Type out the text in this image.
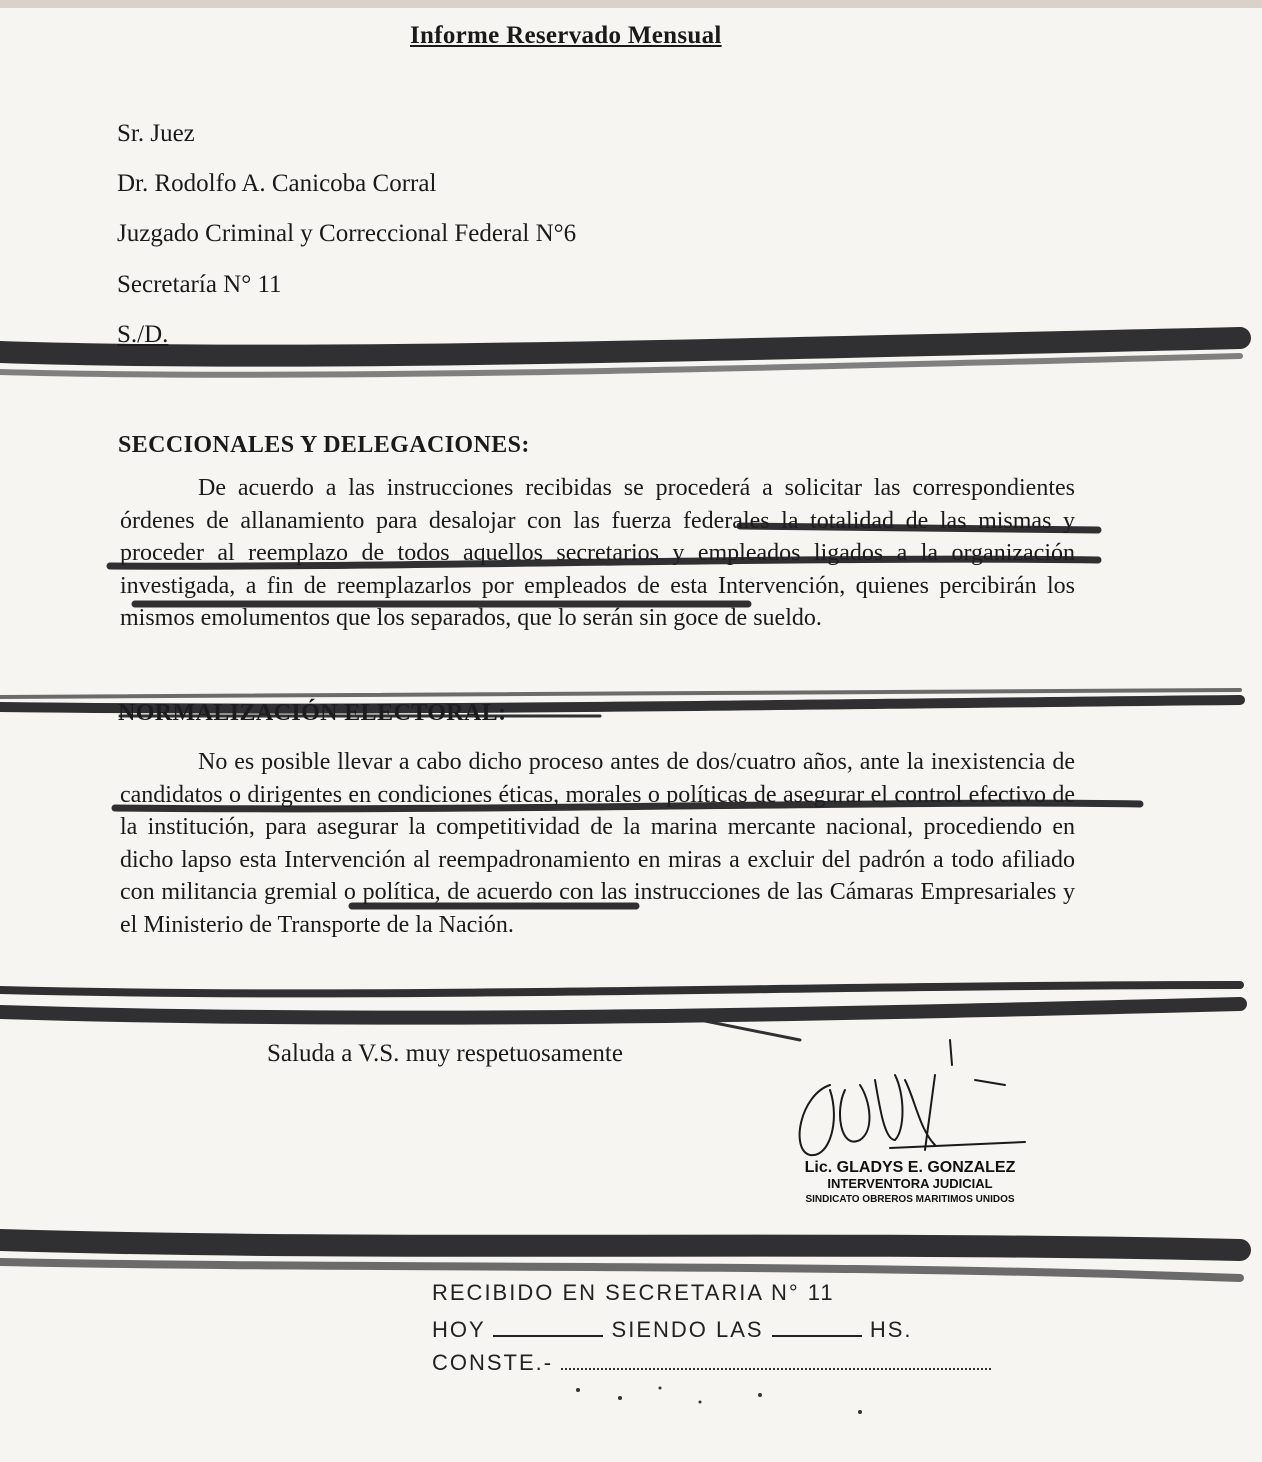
Informe Reservado Mensual
Sr. Juez
Dr. Rodolfo A. Canicoba Corral
Juzgado Criminal y Correccional Federal N°6
Secretaría N° 11
S./D.
SECCIONALES Y DELEGACIONES:
De acuerdo a las instrucciones recibidas se procederá a solicitar las correspondientes órdenes de allanamiento para desalojar con las fuerza federales la totalidad de las mismas y proceder al reemplazo de todos aquellos secretarios y empleados ligados a la organización investigada, a fin de reemplazarlos por empleados de esta Intervención, quienes percibirán los mismos emolumentos que los separados, que lo serán sin goce de sueldo.
NORMALIZACIÓN ELECTORAL:
No es posible llevar a cabo dicho proceso antes de dos/cuatro años, ante la inexistencia de candidatos o dirigentes en condiciones éticas, morales o políticas de asegurar el control efectivo de la institución, para asegurar la competitividad de la marina mercante nacional, procediendo en dicho lapso esta Intervención al reempadronamiento en miras a excluir del padrón a todo afiliado con militancia gremial o política, de acuerdo con las instrucciones de las Cámaras Empresariales y el Ministerio de Transporte de la Nación.
Saluda a V.S. muy respetuosamente
Lic. GLADYS E. GONZALEZ
INTERVENTORA JUDICIAL
SINDICATO OBREROS MARITIMOS UNIDOS
RECIBIDO EN SECRETARIA N° 11
HOY	SIENDO LAS	HS.
CONSTE.-
